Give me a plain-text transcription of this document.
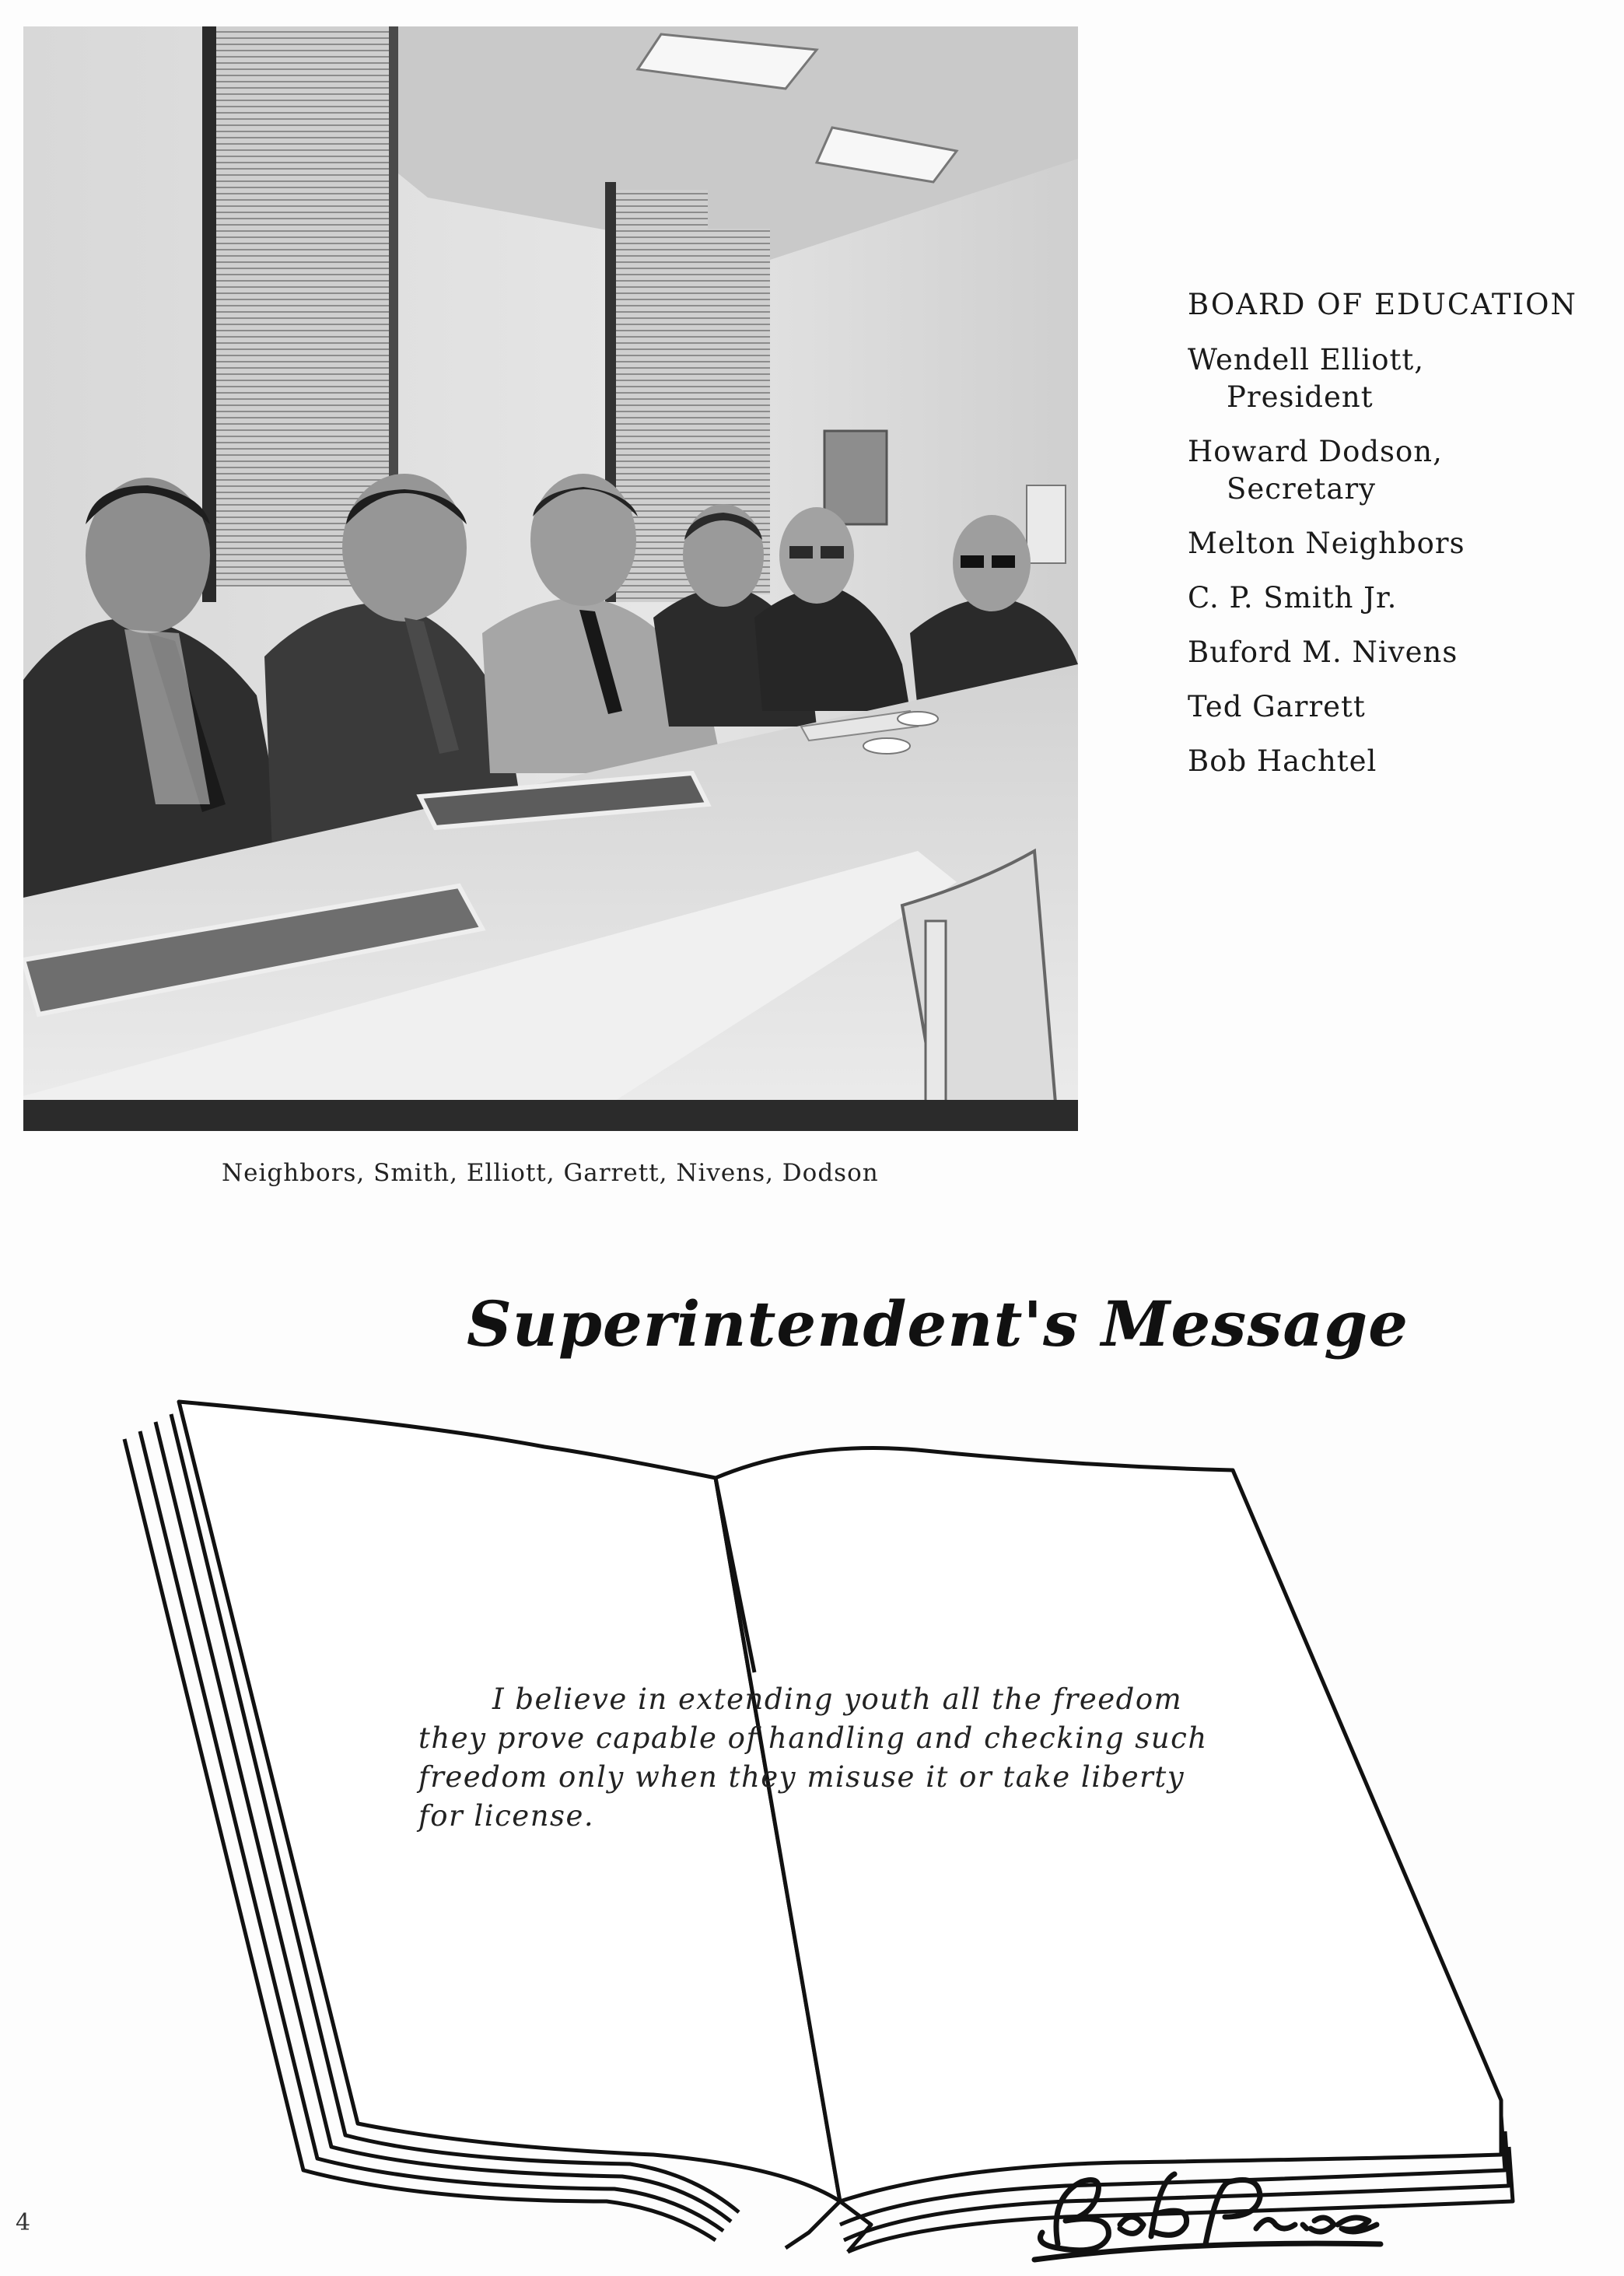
Neighbors, Smith, Elliott, Garrett, Nivens, Dodson
BOARD OF EDUCATION
Wendell Elliott,
President
Howard Dodson,
Secretary
Melton Neighbors
C. P. Smith Jr.
Buford M. Nivens
Ted Garrett
Bob Hachtel
Superintendent's Message
I believe in extending youth all the freedom they prove capable of handling and checking such freedom only when they misuse it or take liberty for license.
4
